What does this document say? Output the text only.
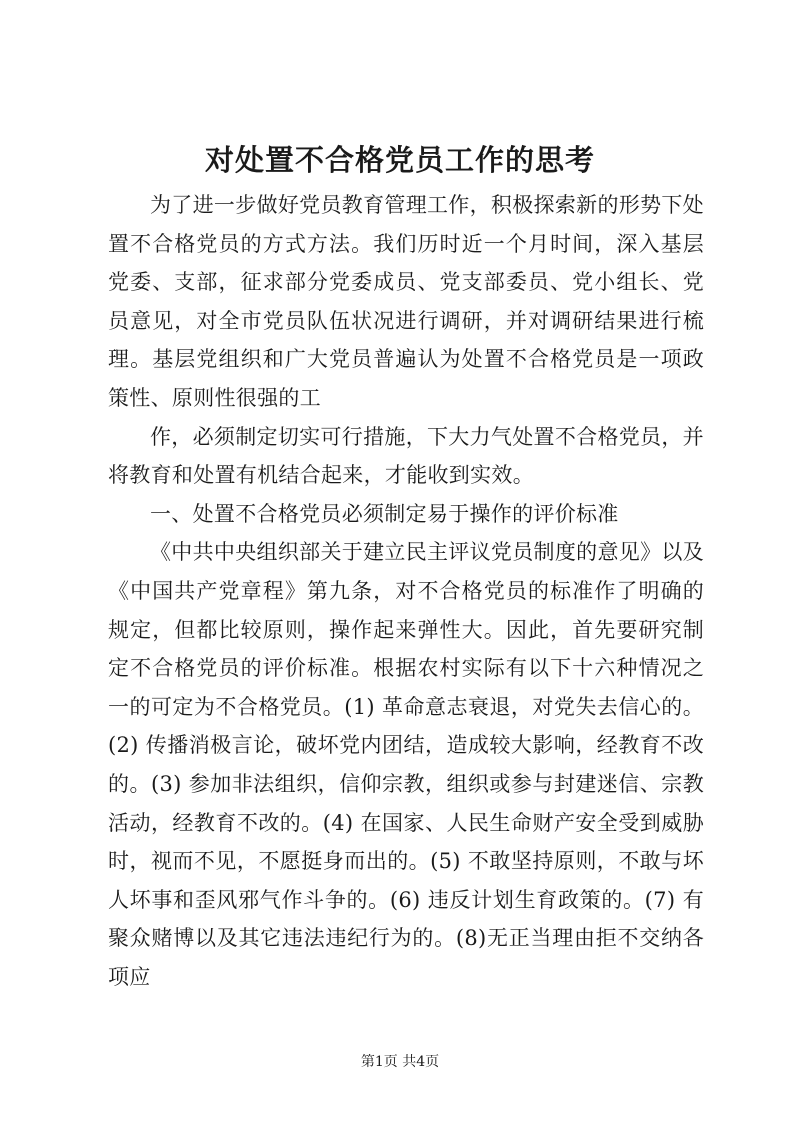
对处置不合格党员工作的思考

为了进一步做好党员教育管理工作，积极探索新的形势下处置不合格党员的方式方法。我们历时近一个月时间，深入基层党委、支部，征求部分党委成员、党支部委员、党小组长、党员意见，对全市党员队伍状况进行调研，并对调研结果进行梳理。基层党组织和广大党员普遍认为处置不合格党员是一项政策性、原则性很强的工

作，必须制定切实可行措施，下大力气处置不合格党员，并将教育和处置有机结合起来，才能收到实效。

一、处置不合格党员必须制定易于操作的评价标准

《中共中央组织部关于建立民主评议党员制度的意见》以及《中国共产党章程》第九条，对不合格党员的标准作了明确的规定，但都比较原则，操作起来弹性大。因此，首先要研究制定不合格党员的评价标准。根据农村实际有以下十六种情况之一的可定为不合格党员。(1) 革命意志衰退，对党失去信心的。(2) 传播消极言论，破坏党内团结，造成较大影响，经教育不改的。(3) 参加非法组织，信仰宗教，组织或参与封建迷信、宗教活动，经教育不改的。(4) 在国家、人民生命财产安全受到威胁时，视而不见，不愿挺身而出的。(5) 不敢坚持原则，不敢与坏人坏事和歪风邪气作斗争的。(6) 违反计划生育政策的。(7) 有聚众赌博以及其它违法违纪行为的。(8)无正当理由拒不交纳各项应

第1页 共4页
